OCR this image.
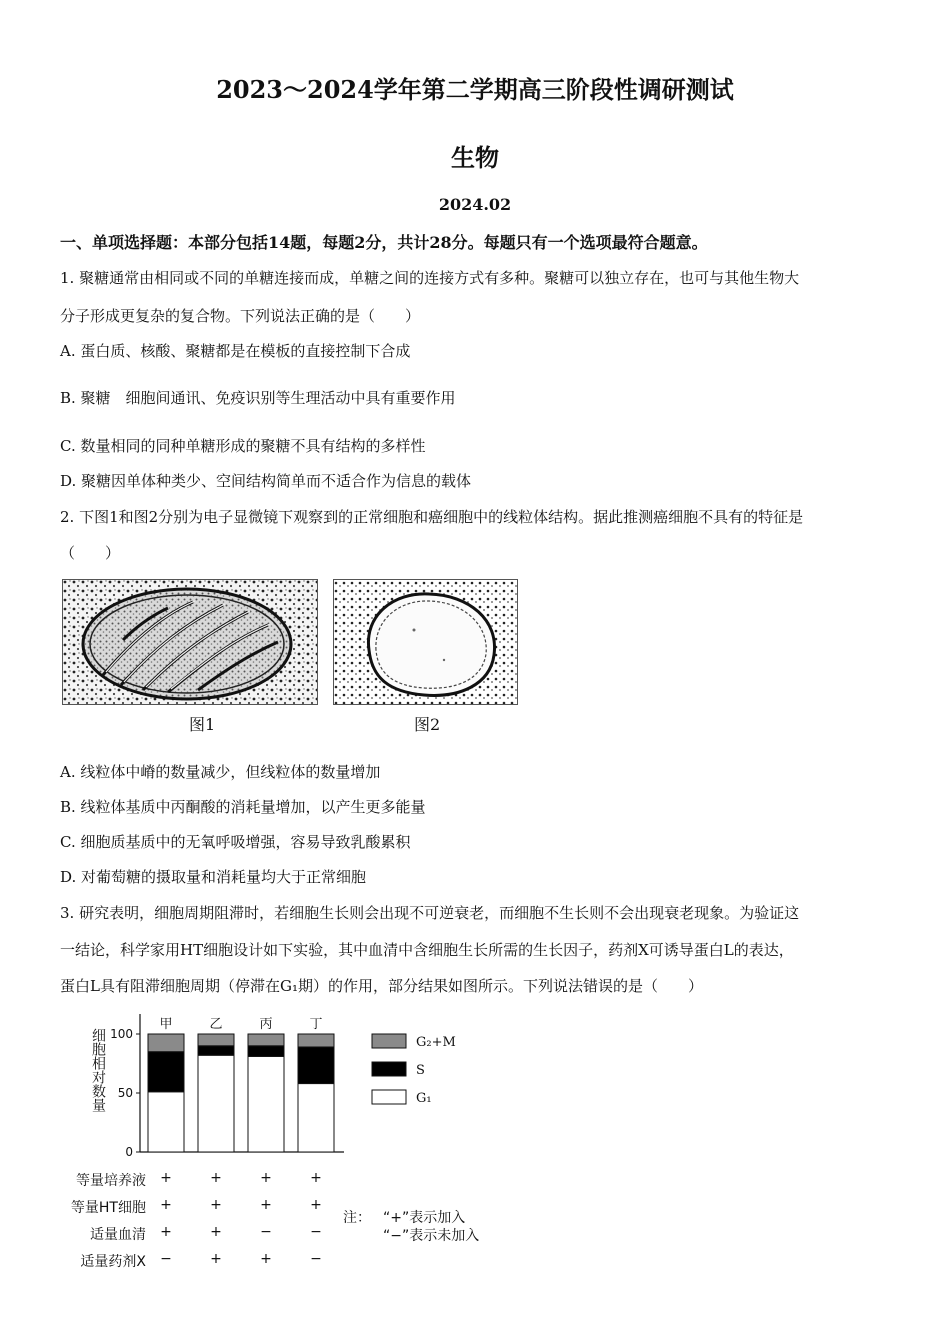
2023～2024学年第二学期高三阶段性调研测试
生物
2024.02
一、单项选择题：本部分包括14题，每题2分，共计28分。每题只有一个选项最符合题意。
1. 聚糖通常由相同或不同的单糖连接而成，单糖之间的连接方式有多种。聚糖可以独立存在，也可与其他生物大
分子形成更复杂的复合物。下列说法正确的是（　　）
A. 蛋白质、核酸、聚糖都是在模板的直接控制下合成
B. 聚糖　细胞间通讯、免疫识别等生理活动中具有重要作用
C. 数量相同的同种单糖形成的聚糖不具有结构的多样性
D. 聚糖因单体种类少、空间结构简单而不适合作为信息的载体
2. 下图1和图2分别为电子显微镜下观察到的正常细胞和癌细胞中的线粒体结构。据此推测癌细胞不具有的特征是
（　　）
图1	图2
A. 线粒体中嵴的数量减少，但线粒体的数量增加
B. 线粒体基质中丙酮酸的消耗量增加，以产生更多能量
C. 细胞质基质中的无氧呼吸增强，容易导致乳酸累积
D. 对葡萄糖的摄取量和消耗量均大于正常细胞
3. 研究表明，细胞周期阻滞时，若细胞生长则会出现不可逆衰老，而细胞不生长则不会出现衰老现象。为验证这
一结论，科学家用HT细胞设计如下实验，其中血清中含细胞生长所需的生长因子，药剂X可诱导蛋白L的表达，
蛋白L具有阻滞细胞周期（停滞在G₁期）的作用，部分结果如图所示。下列说法错误的是（　　）
细胞相对数量
0
50
100
甲	乙	丙	丁
G₂+M
S
G₁
等量培养液 +	+	+	+
等量HT细胞 +	+	+	+
适量血清 +	+	−	−
适量药剂X −	+	+	−
注： “+”表示加入
“−”表示未加入
